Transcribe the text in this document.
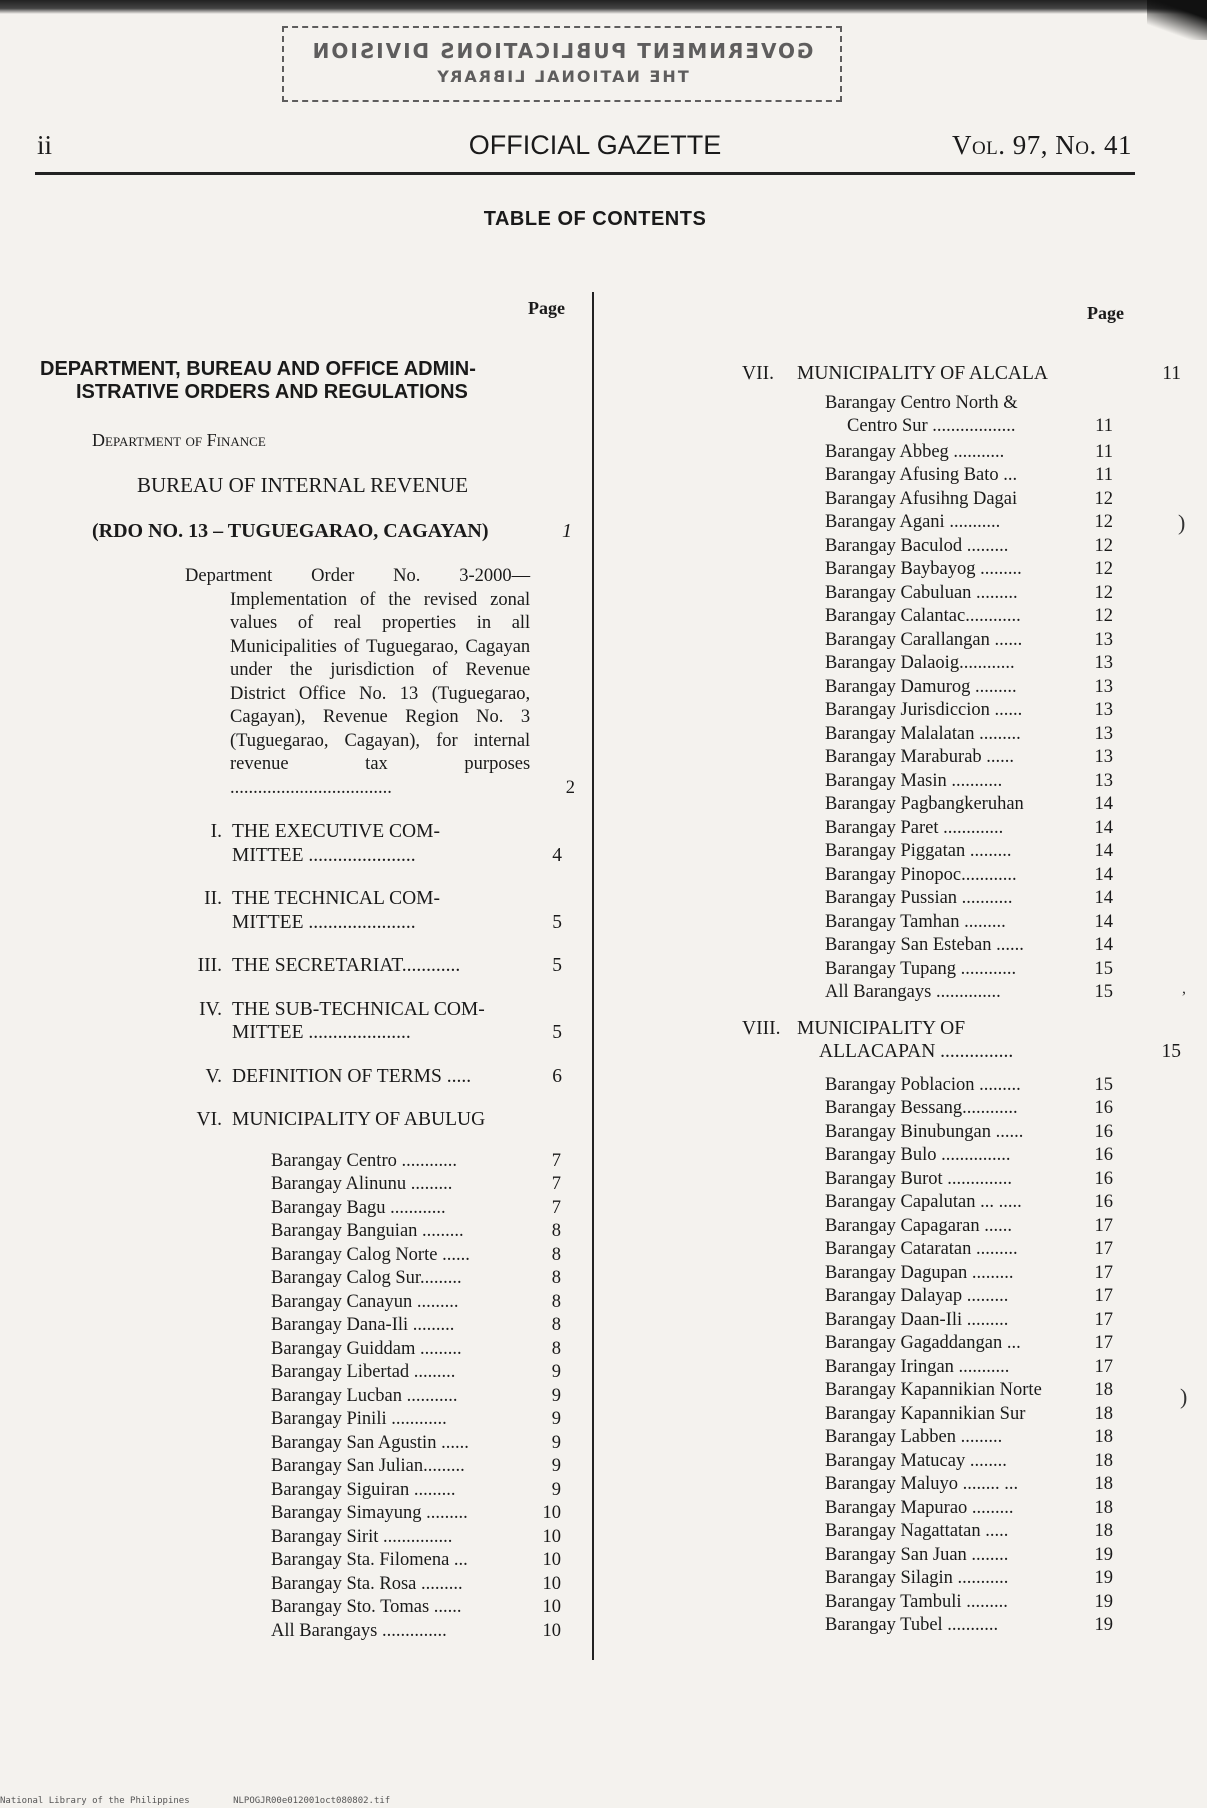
GOVERNMENT PUBLICATIONS DIVISION
THE NATIONAL LIBRARY
ii	OFFICIAL GAZETTE	Vol. 97, No. 41
TABLE OF CONTENTS
Page	Page
DEPARTMENT, BUREAU AND OFFICE ADMIN-
ISTRATIVE ORDERS AND REGULATIONS
Department of Finance
BUREAU OF INTERNAL REVENUE
(RDO NO. 13 – TUGUEGARAO, CAGAYAN)	1
Department Order No. 3-2000—Implementation of the revised zonal values of real properties in all Municipalities of Tuguegarao, Cagayan under the jurisdiction of Revenue District Office No. 13 (Tuguegarao, Cagayan), Revenue Region No. 3 (Tuguegarao, Cagayan), for internal revenue tax purposes ...................................	2
I. THE EXECUTIVE COM-
MITTEE ......................	4
II. THE TECHNICAL COM-
MITTEE ......................	5
III. THE SECRETARIAT............	5
IV. THE SUB-TECHNICAL COM-
MITTEE .....................	5
V. DEFINITION OF TERMS .....	6
VI. MUNICIPALITY OF ABULUG
Barangay Centro ............	7
Barangay Alinunu .........	7
Barangay Bagu ............	7
Barangay Banguian .........	8
Barangay Calog Norte ......	8
Barangay Calog Sur.........	8
Barangay Canayun .........	8
Barangay Dana-Ili .........	8
Barangay Guiddam .........	8
Barangay Libertad .........	9
Barangay Lucban ...........	9
Barangay Pinili ............	9
Barangay San Agustin ......	9
Barangay San Julian.........	9
Barangay Siguiran .........	9
Barangay Simayung .........	10
Barangay Sirit ...............	10
Barangay Sta. Filomena ...	10
Barangay Sta. Rosa .........	10
Barangay Sto. Tomas ......	10
All Barangays ..............	10
VII.	MUNICIPALITY OF ALCALA	11
Barangay Centro North &
Centro Sur ..................	11
Barangay Abbeg ...........	11
Barangay Afusing Bato ...	11
Barangay Afusihng Dagai	12
Barangay Agani ...........	12
Barangay Baculod .........	12
Barangay Baybayog .........	12
Barangay Cabuluan .........	12
Barangay Calantac............	12
Barangay Carallangan ......	13
Barangay Dalaoig............	13
Barangay Damurog .........	13
Barangay Jurisdiccion ......	13
Barangay Malalatan .........	13
Barangay Maraburab ......	13
Barangay Masin ...........	13
Barangay Pagbangkeruhan	14
Barangay Paret .............	14
Barangay Piggatan .........	14
Barangay Pinopoc............	14
Barangay Pussian ...........	14
Barangay Tamhan .........	14
Barangay San Esteban ......	14
Barangay Tupang ............	15
All Barangays ..............	15
VIII. MUNICIPALITY OF
ALLACAPAN ...............	15
Barangay Poblacion .........	15
Barangay Bessang............	16
Barangay Binubungan ......	16
Barangay Bulo ...............	16
Barangay Burot ..............	16
Barangay Capalutan ... .....	16
Barangay Capagaran ......	17
Barangay Cataratan .........	17
Barangay Dagupan .........	17
Barangay Dalayap .........	17
Barangay Daan-Ili .........	17
Barangay Gagaddangan ...	17
Barangay Iringan ...........	17
Barangay Kapannikian Norte	18
Barangay Kapannikian Sur	18
Barangay Labben .........	18
Barangay Matucay ........	18
Barangay Maluyo ........ ...	18
Barangay Mapurao .........	18
Barangay Nagattatan .....	18
Barangay San Juan ........	19
Barangay Silagin ...........	19
Barangay Tambuli .........	19
Barangay Tubel ...........	19
)
,
)
National Library of the Philippines	NLPOGJR00e012001oct080802.tif
